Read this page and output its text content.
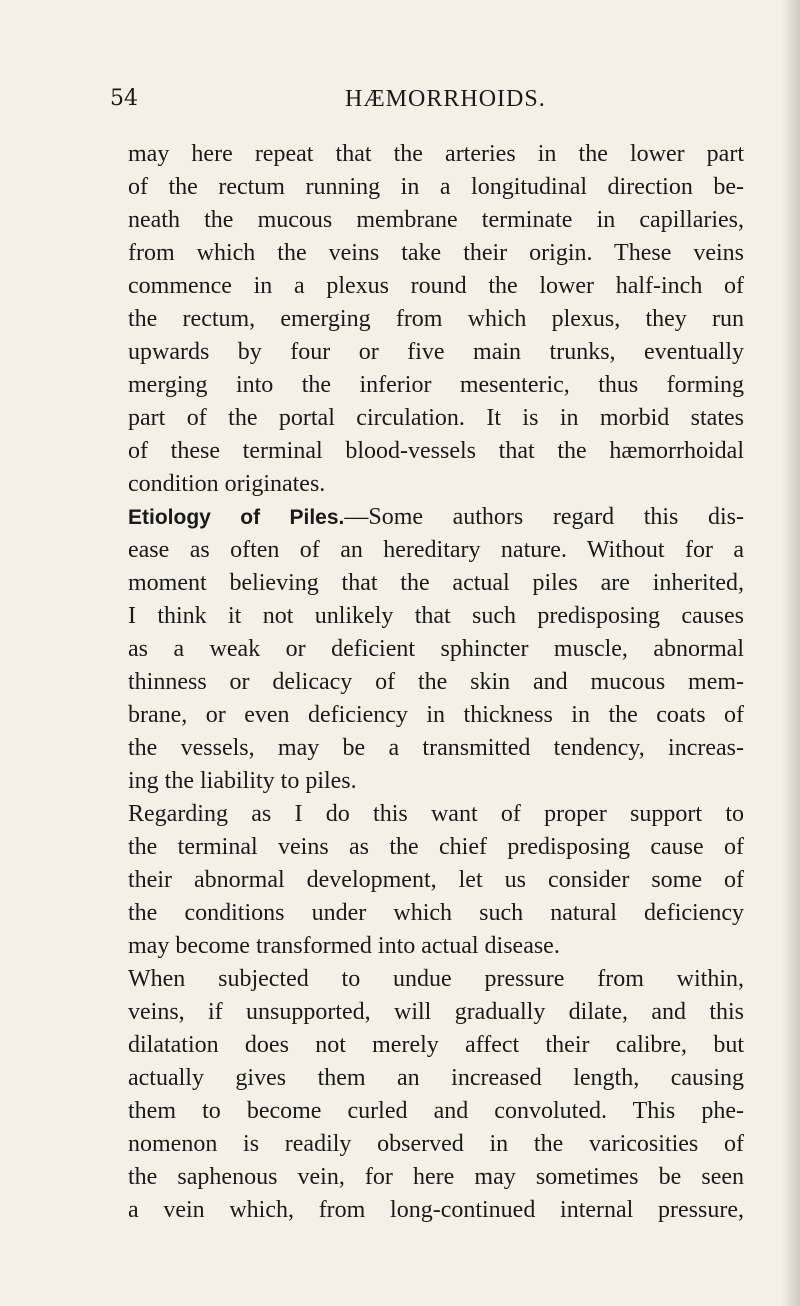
54	HÆMORRHOIDS.
may here repeat that the arteries in the lower part
of the rectum running in a longitudinal direction be-
neath the mucous membrane terminate in capillaries,
from which the veins take their origin. These veins
commence in a plexus round the lower half-inch of
the rectum, emerging from which plexus, they run
upwards by four or five main trunks, eventually
merging into the inferior mesenteric, thus forming
part of the portal circulation. It is in morbid states
of these terminal blood-vessels that the hæmorrhoidal
condition originates.
Etiology of Piles.—Some authors regard this dis-
ease as often of an hereditary nature. Without for a
moment believing that the actual piles are inherited,
I think it not unlikely that such predisposing causes
as a weak or deficient sphincter muscle, abnormal
thinness or delicacy of the skin and mucous mem-
brane, or even deficiency in thickness in the coats of
the vessels, may be a transmitted tendency, increas-
ing the liability to piles.
Regarding as I do this want of proper support to
the terminal veins as the chief predisposing cause of
their abnormal development, let us consider some of
the conditions under which such natural deficiency
may become transformed into actual disease.
When subjected to undue pressure from within,
veins, if unsupported, will gradually dilate, and this
dilatation does not merely affect their calibre, but
actually gives them an increased length, causing
them to become curled and convoluted. This phe-
nomenon is readily observed in the varicosities of
the saphenous vein, for here may sometimes be seen
a vein which, from long-continued internal pressure,
